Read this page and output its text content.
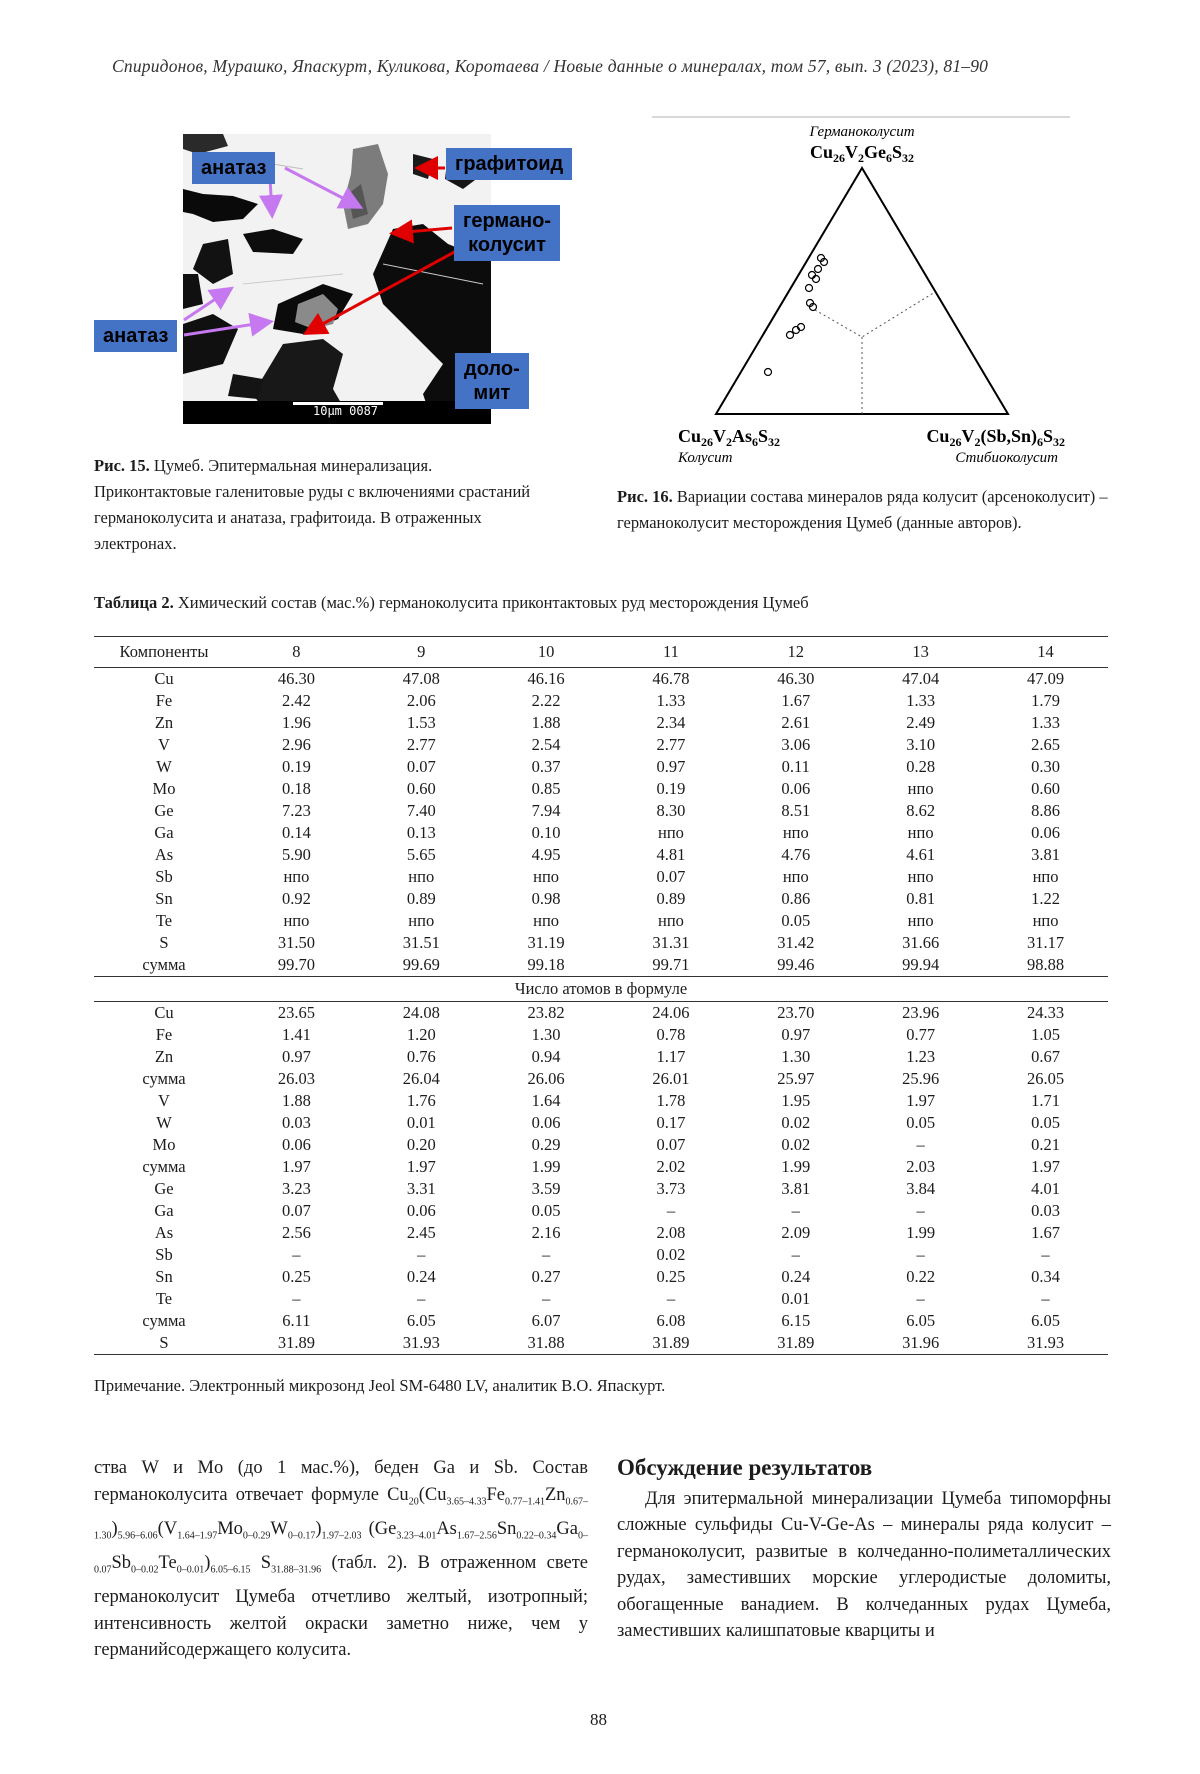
Спиридонов, Мурашко, Япаскурт, Куликова, Коротаева / Новые данные о минералах, том 57, вып. 3 (2023), 81–90
10μm 0087
анатаз	графитоид
германо-
колусит
анатаз
доло-
мит
Рис. 15. Цумеб. Эпитермальная минерализация. Приконтактовые галенитовые руды с включениями срастаний германоколусита и анатаза, графитоида. В отраженных электронах.
Германоколусит
$Cu_{26}V_2Ge_6S_{32}$
$Cu_{26}V_2As_6S_{32}$
Колусит
$Cu_{26}V_2(Sb,Sn)_6S_{32}$
Стибиоколусит
Рис. 16. Вариации состава минералов ряда колусит (арсеноколусит) – германоколусит месторождения Цумеб (данные авторов).
Таблица 2. Химический состав (мас.%) германоколусита приконтактовых руд месторождения Цумеб
Компоненты	8	9	10	11	12	13	14
Cu	46.30	47.08	46.16	46.78	46.30	47.04	47.09
Fe	2.42	2.06	2.22	1.33	1.67	1.33	1.79
Zn	1.96	1.53	1.88	2.34	2.61	2.49	1.33
V	2.96	2.77	2.54	2.77	3.06	3.10	2.65
W	0.19	0.07	0.37	0.97	0.11	0.28	0.30
Mo	0.18	0.60	0.85	0.19	0.06	нпо	0.60
Ge	7.23	7.40	7.94	8.30	8.51	8.62	8.86
Ga	0.14	0.13	0.10	нпо	нпо	нпо	0.06
As	5.90	5.65	4.95	4.81	4.76	4.61	3.81
Sb	нпо	нпо	нпо	0.07	нпо	нпо	нпо
Sn	0.92	0.89	0.98	0.89	0.86	0.81	1.22
Te	нпо	нпо	нпо	нпо	0.05	нпо	нпо
S	31.50	31.51	31.19	31.31	31.42	31.66	31.17
сумма	99.70	99.69	99.18	99.71	99.46	99.94	98.88
Число атомов в формуле							
Cu	23.65	24.08	23.82	24.06	23.70	23.96	24.33
Fe	1.41	1.20	1.30	0.78	0.97	0.77	1.05
Zn	0.97	0.76	0.94	1.17	1.30	1.23	0.67
сумма	26.03	26.04	26.06	26.01	25.97	25.96	26.05
V	1.88	1.76	1.64	1.78	1.95	1.97	1.71
W	0.03	0.01	0.06	0.17	0.02	0.05	0.05
Mo	0.06	0.20	0.29	0.07	0.02	–	0.21
сумма	1.97	1.97	1.99	2.02	1.99	2.03	1.97
Ge	3.23	3.31	3.59	3.73	3.81	3.84	4.01
Ga	0.07	0.06	0.05	–	–	–	0.03
As	2.56	2.45	2.16	2.08	2.09	1.99	1.67
Sb	–	–	–	0.02	–	–	–
Sn	0.25	0.24	0.27	0.25	0.24	0.22	0.34
Te	–	–	–	–	0.01	–	–
сумма	6.11	6.05	6.07	6.08	6.15	6.05	6.05
S	31.89	31.93	31.88	31.89	31.89	31.96	31.93
Примечание. Электронный микрозонд Jeol SM-6480 LV, аналитик В.О. Япаскурт.
ства W и Mo (до 1 мас.%), беден Ga и Sb. Состав германоколусита отвечает формуле $Cu_{20}(Cu_{3.65-4.33}Fe_{0.77-1.41}Zn_{0.67-1.30})_{5.96-6.06}(V_{1.64-1.97}Mo_{0-0.29}W_{0-0.17})_{1.97-2.03}$ $(Ge_{3.23-4.01}As_{1.67-2.56}Sn_{0.22-0.34}Ga_{0-0.07}Sb_{0-0.02}Te_{0-0.01})_{6.05-6.15}$ $S_{31.88-31.96}$ (табл. 2). В отраженном свете германоколусит Цумеба отчетливо желтый, изотропный; интенсивность желтой окраски заметно ниже, чем у германийсодержащего колусита.
Обсуждение результатов
Для эпитермальной минерализации Цумеба типоморфны сложные сульфиды Cu-V-Ge-As – минералы ряда колусит – германоколусит, развитые в колчеданно-полиметаллических рудах, заместивших морские углеродистые доломиты, обогащенные ванадием. В колчеданных рудах Цумеба, заместивших калишпатовые кварциты и
88
